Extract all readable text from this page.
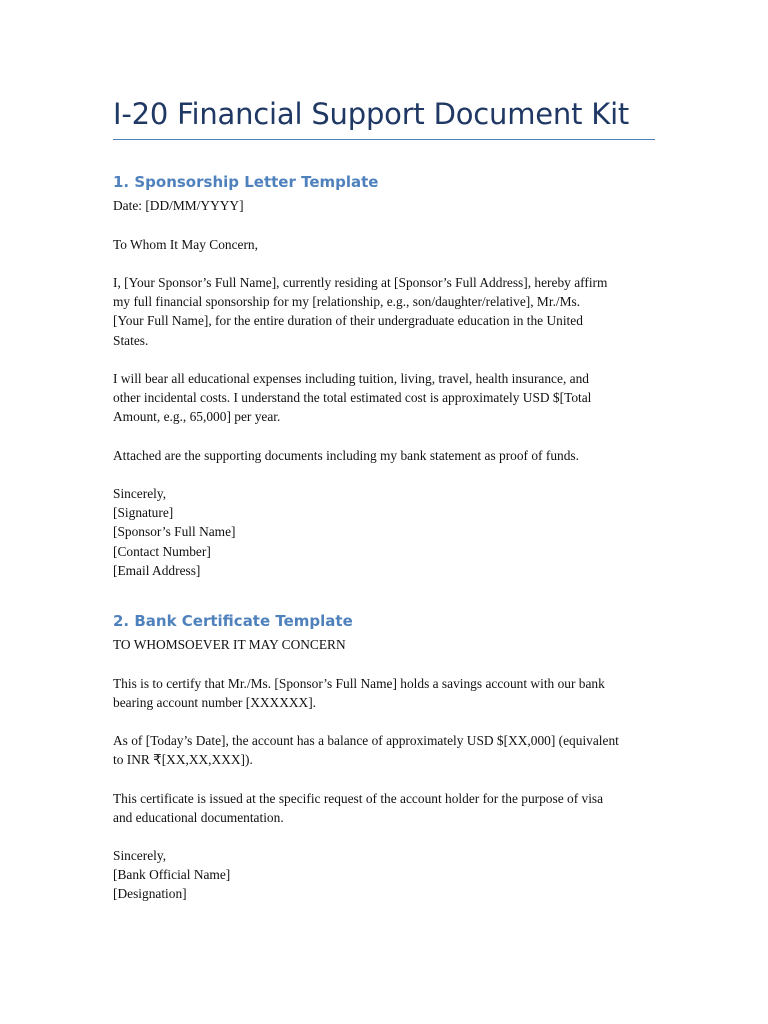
I-20 Financial Support Document Kit
1. Sponsorship Letter Template

Date: [DD/MM/YYYY]

To Whom It May Concern,

I, [Your Sponsor’s Full Name], currently residing at [Sponsor’s Full Address], hereby affirm
my full financial sponsorship for my [relationship, e.g., son/daughter/relative], Mr./Ms.
[Your Full Name], for the entire duration of their undergraduate education in the United
States.

I will bear all educational expenses including tuition, living, travel, health insurance, and
other incidental costs. I understand the total estimated cost is approximately USD $[Total
Amount, e.g., 65,000] per year.

Attached are the supporting documents including my bank statement as proof of funds.

Sincerely,
[Signature]
[Sponsor’s Full Name]
[Contact Number]
[Email Address]

2. Bank Certificate Template

TO WHOMSOEVER IT MAY CONCERN

This is to certify that Mr./Ms. [Sponsor’s Full Name] holds a savings account with our bank
bearing account number [XXXXXX].

As of [Today’s Date], the account has a balance of approximately USD $[XX,000] (equivalent
to INR ₹[XX,XX,XXX]).

This certificate is issued at the specific request of the account holder for the purpose of visa
and educational documentation.

Sincerely,
[Bank Official Name]
[Designation]
